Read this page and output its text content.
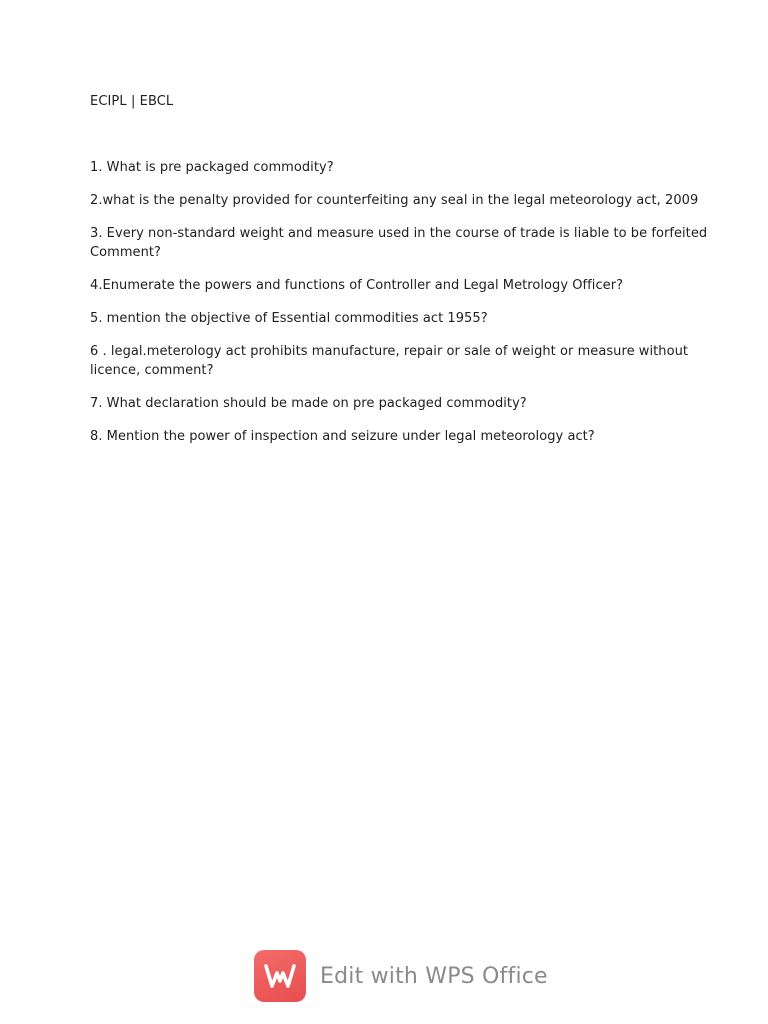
ECIPL | EBCL
1. What is pre packaged commodity?
2.what is the penalty provided for counterfeiting any seal in the legal meteorology act, 2009
3. Every non-standard weight and measure used in the course of trade is liable to be forfeited
Comment?
4.Enumerate the powers and functions of Controller and Legal Metrology Officer?
5. mention the objective of Essential commodities act 1955?
6 . legal.meterology act prohibits manufacture, repair or sale of weight or measure without
licence, comment?
7. What declaration should be made on pre packaged commodity?
8. Mention the power of inspection and seizure under legal meteorology act?
Edit with WPS Office
